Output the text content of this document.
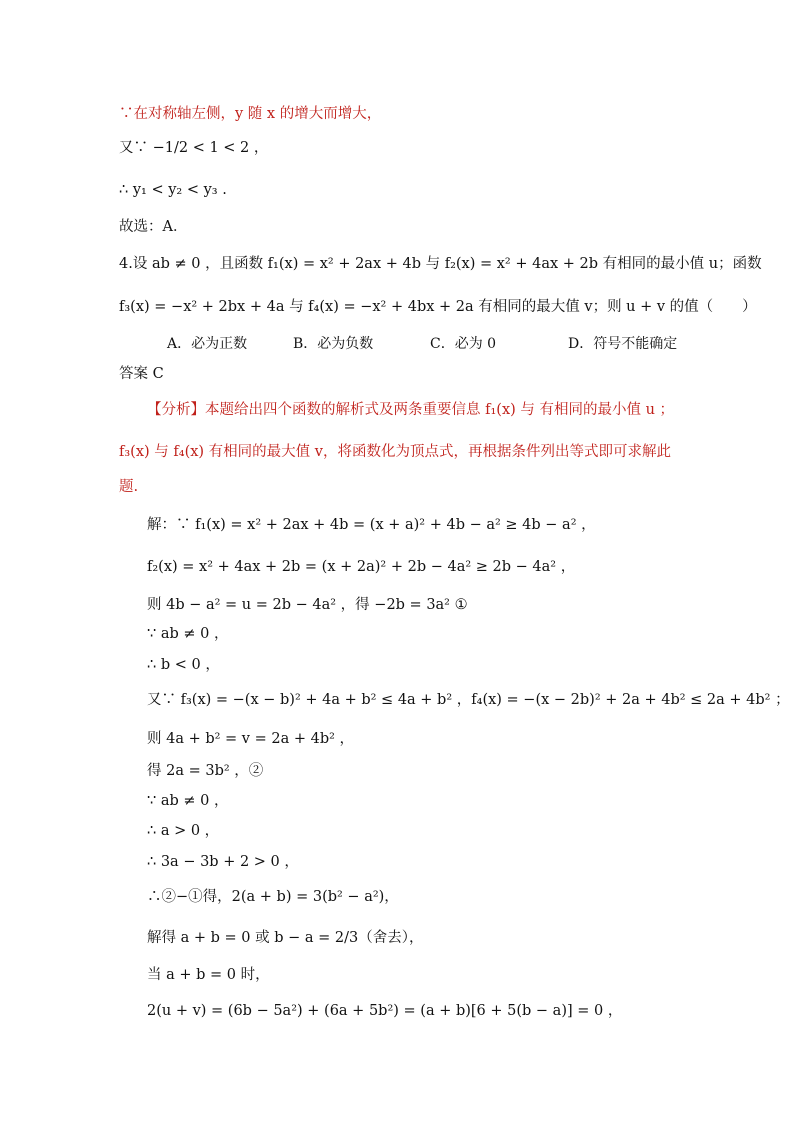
∵在对称轴左侧，y 随 x 的增大而增大，
又∵ −1/2 < 1 < 2 ，
∴ y₁ < y₂ < y₃ .
故选：A．
4.设 ab ≠ 0 ，且函数 f₁(x) = x² + 2ax + 4b 与 f₂(x) = x² + 4ax + 2b 有相同的最小值 u；函数
f₃(x) = −x² + 2bx + 4a 与 f₄(x) = −x² + 4bx + 2a 有相同的最大值 v；则 u + v 的值（　　）
A．必为正数	B．必为负数	C．必为 0	D．符号不能确定
答案 C
【分析】本题给出四个函数的解析式及两条重要信息 f₁(x) 与 有相同的最小值 u ；
f₃(x) 与 f₄(x) 有相同的最大值 v，将函数化为顶点式，再根据条件列出等式即可求解此
题.
解：∵ f₁(x) = x² + 2ax + 4b = (x + a)² + 4b − a² ≥ 4b − a² ，
f₂(x) = x² + 4ax + 2b = (x + 2a)² + 2b − 4a² ≥ 2b − 4a² ，
则 4b − a² = u = 2b − 4a² ，得 −2b = 3a² ①
∵ ab ≠ 0 ，
∴ b < 0 ，
又∵ f₃(x) = −(x − b)² + 4a + b² ≤ 4a + b² ，f₄(x) = −(x − 2b)² + 2a + 4b² ≤ 2a + 4b² ；
则 4a + b² = v = 2a + 4b² ，
得 2a = 3b² ，②
∵ ab ≠ 0 ，
∴ a > 0 ，
∴ 3a − 3b + 2 > 0 ，
∴②−①得，2(a + b) = 3(b² − a²)，
解得 a + b = 0 或 b − a = 2/3（舍去），
当 a + b = 0 时，
2(u + v) = (6b − 5a²) + (6a + 5b²) = (a + b)[6 + 5(b − a)] = 0 ，
